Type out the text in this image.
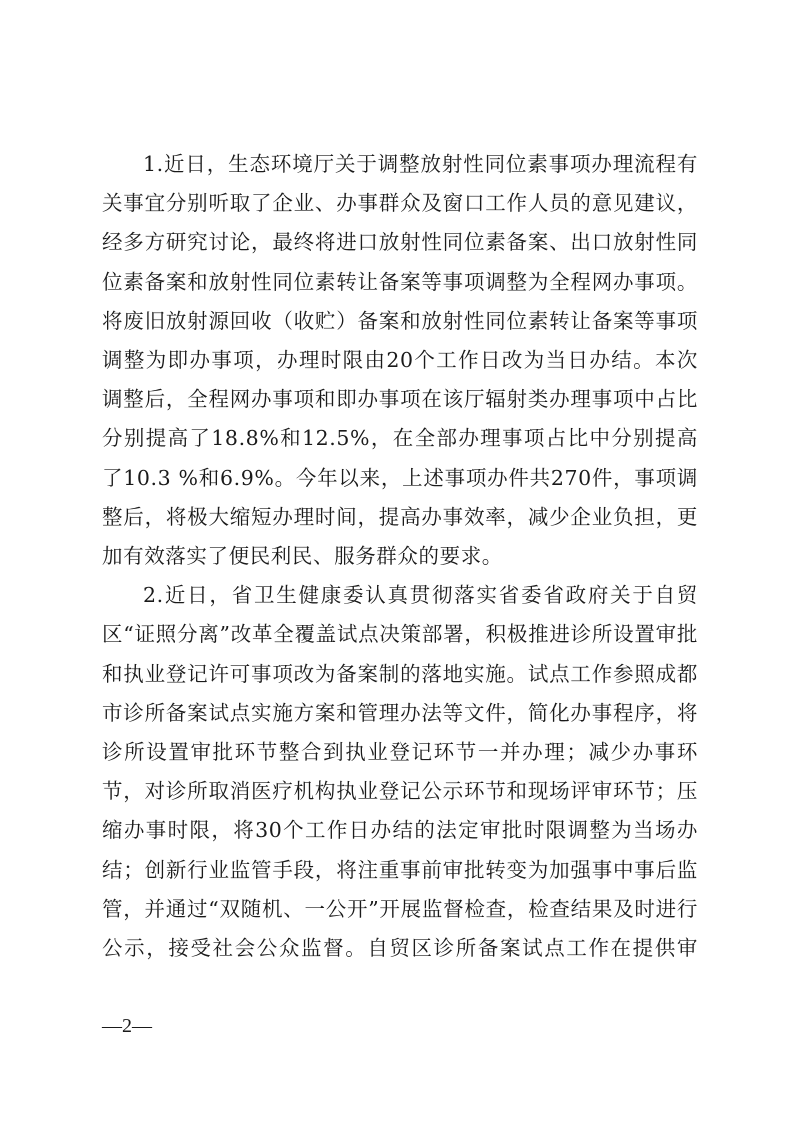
1.近日，生态环境厅关于调整放射性同位素事项办理流程有关事宜分别听取了企业、办事群众及窗口工作人员的意见建议，经多方研究讨论，最终将进口放射性同位素备案、出口放射性同位素备案和放射性同位素转让备案等事项调整为全程网办事项。将废旧放射源回收（收贮）备案和放射性同位素转让备案等事项调整为即办事项，办理时限由20个工作日改为当日办结。本次调整后，全程网办事项和即办事项在该厅辐射类办理事项中占比分别提高了18.8%和12.5%，在全部办理事项占比中分别提高了10.3 %和6.9%。今年以来，上述事项办件共270件，事项调整后，将极大缩短办理时间，提高办事效率，减少企业负担，更加有效落实了便民利民、服务群众的要求。

2.近日，省卫生健康委认真贯彻落实省委省政府关于自贸区“证照分离”改革全覆盖试点决策部署，积极推进诊所设置审批和执业登记许可事项改为备案制的落地实施。试点工作参照成都市诊所备案试点实施方案和管理办法等文件，简化办事程序，将诊所设置审批环节整合到执业登记环节一并办理；减少办事环节，对诊所取消医疗机构执业登记公示环节和现场评审环节；压缩办事时限，将30个工作日办结的法定审批时限调整为当场办结；创新行业监管手段，将注重事前审批转变为加强事中事后监管，并通过“双随机、一公开”开展监督检查，检查结果及时进行公示，接受社会公众监督。自贸区诊所备案试点工作在提供审

—2—
